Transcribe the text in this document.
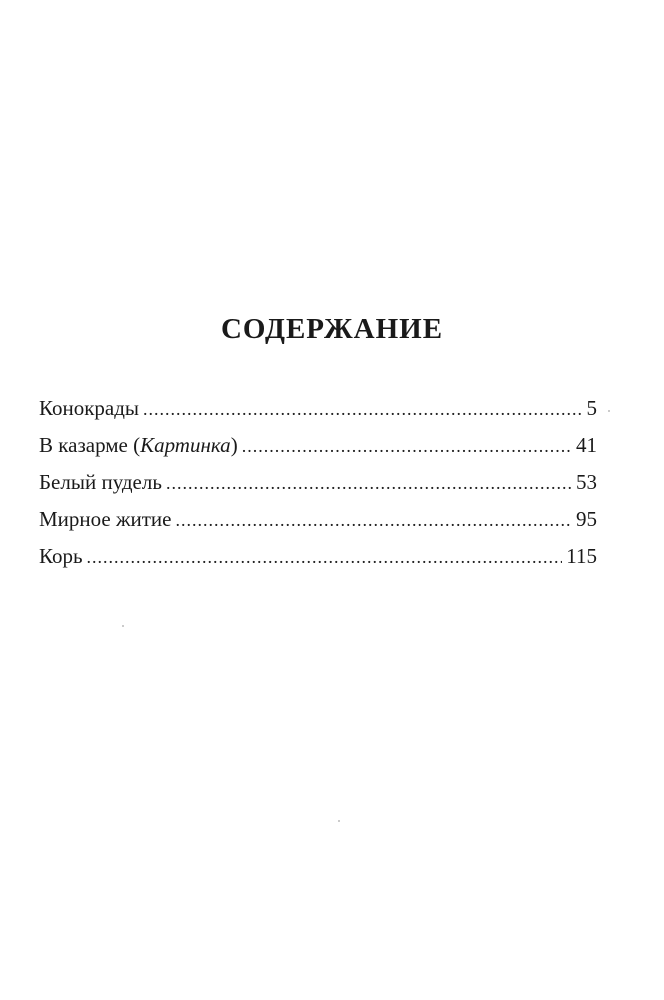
СОДЕРЖАНИЕ
Конокрады .....	5
В казарме (Картинка) .....	41
Белый пудель .....	53
Мирное житие .....	95
Корь .....	115
